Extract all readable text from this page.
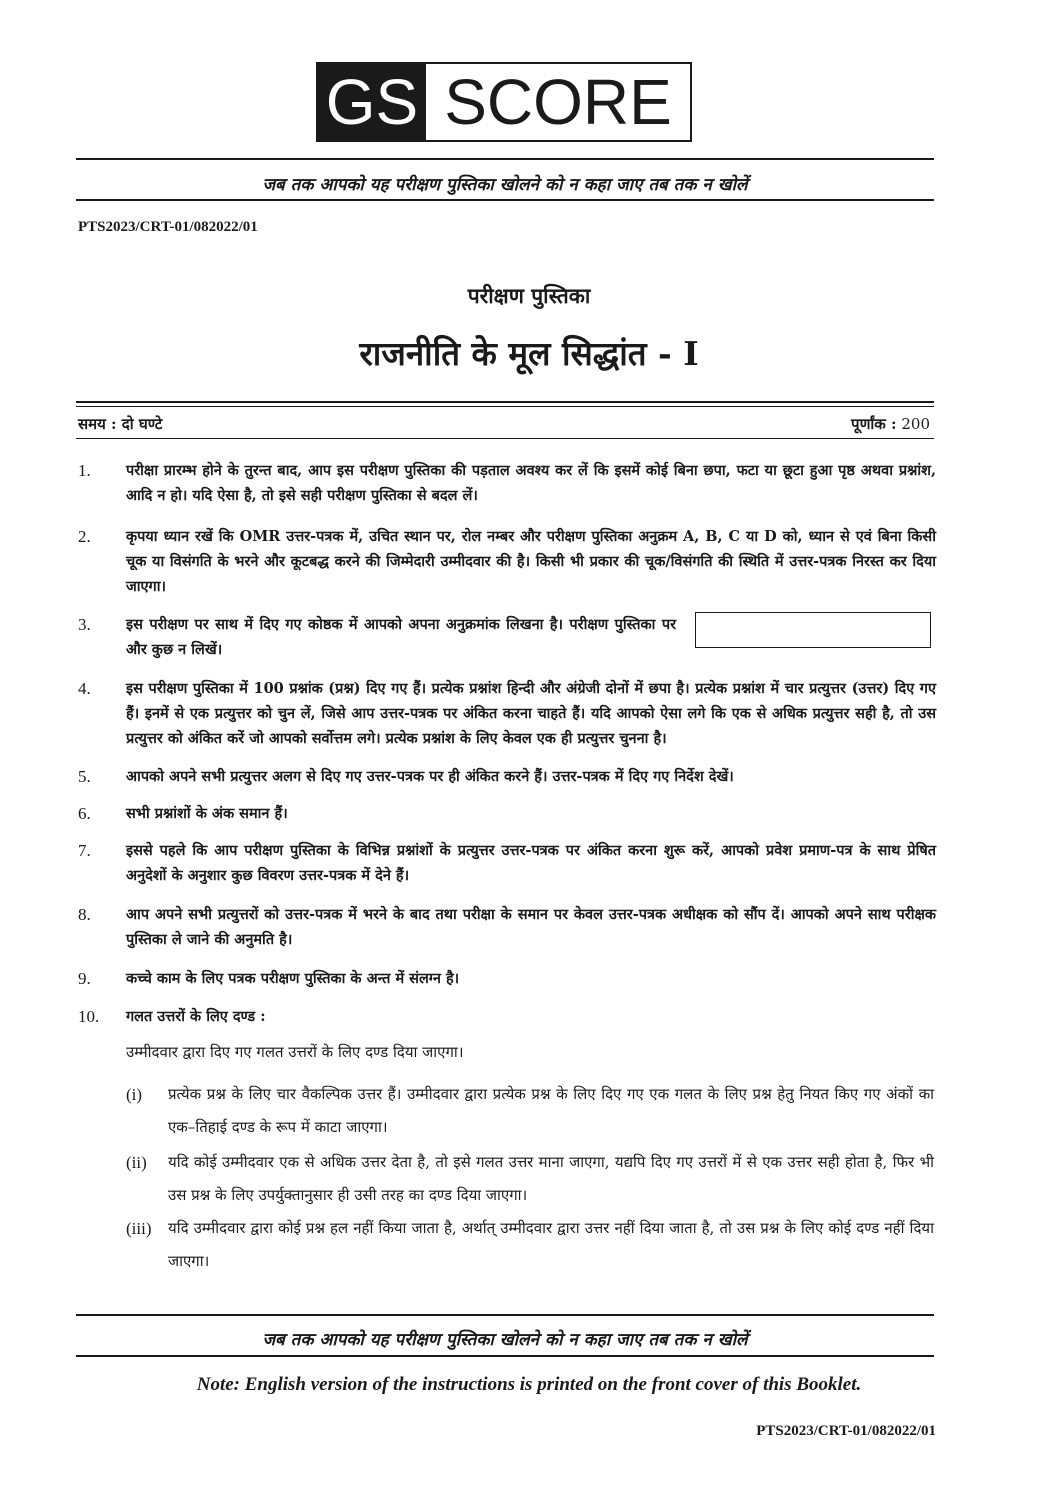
GS SCORE
जब तक आपको यह परीक्षण पुस्तिका खोलने को न कहा जाए तब तक न खोलें
PTS2023/CRT-01/082022/01
परीक्षण पुस्तिका
राजनीति के मूल सिद्धांत - I
समय : दो घण्टे	पूर्णांक : 200
1. परीक्षा प्रारम्भ होने के तुरन्त बाद, आप इस परीक्षण पुस्तिका की पड़ताल अवश्य कर लें कि इसमें कोई बिना छपा, फटा या छूटा हुआ पृष्ठ अथवा प्रश्नांश, आदि न हो। यदि ऐसा है, तो इसे सही परीक्षण पुस्तिका से बदल लें।
2. कृपया ध्यान रखें कि OMR उत्तर-पत्रक में, उचित स्थान पर, रोल नम्बर और परीक्षण पुस्तिका अनुक्रम A, B, C या D को, ध्यान से एवं बिना किसी चूक या विसंगति के भरने और कूटबद्ध करने की जिम्मेदारी उम्मीदवार की है। किसी भी प्रकार की चूक/विसंगति की स्थिति में उत्तर-पत्रक निरस्त कर दिया जाएगा।
3. इस परीक्षण पर साथ में दिए गए कोष्ठक में आपको अपना अनुक्रमांक लिखना है। परीक्षण पुस्तिका पर और कुछ न लिखें।
4. इस परीक्षण पुस्तिका में 100 प्रश्नांक (प्रश्न) दिए गए हैं। प्रत्येक प्रश्नांश हिन्दी और अंग्रेजी दोनों में छपा है। प्रत्येक प्रश्नांश में चार प्रत्युत्तर (उत्तर) दिए गए हैं। इनमें से एक प्रत्युत्तर को चुन लें, जिसे आप उत्तर-पत्रक पर अंकित करना चाहते हैं। यदि आपको ऐसा लगे कि एक से अधिक प्रत्युत्तर सही है, तो उस प्रत्युत्तर को अंकित करें जो आपको सर्वोत्तम लगे। प्रत्येक प्रश्नांश के लिए केवल एक ही प्रत्युत्तर चुनना है।
5. आपको अपने सभी प्रत्युत्तर अलग से दिए गए उत्तर-पत्रक पर ही अंकित करने हैं। उत्तर-पत्रक में दिए गए निर्देश देखें।
6. सभी प्रश्नांशों के अंक समान हैं।
7. इससे पहले कि आप परीक्षण पुस्तिका के विभिन्न प्रश्नांशों के प्रत्युत्तर उत्तर-पत्रक पर अंकित करना शुरू करें, आपको प्रवेश प्रमाण-पत्र के साथ प्रेषित अनुदेशों के अनुशार कुछ विवरण उत्तर-पत्रक में देने हैं।
8. आप अपने सभी प्रत्युत्तरों को उत्तर-पत्रक में भरने के बाद तथा परीक्षा के समान पर केवल उत्तर-पत्रक अधीक्षक को सौंप दें। आपको अपने साथ परीक्षक पुस्तिका ले जाने की अनुमति है।
9. कच्चे काम के लिए पत्रक परीक्षण पुस्तिका के अन्त में संलग्न है।
10. गलत उत्तरों के लिए दण्ड :
उम्मीदवार द्वारा दिए गए गलत उत्तरों के लिए दण्ड दिया जाएगा।
(i) प्रत्येक प्रश्न के लिए चार वैकल्पिक उत्तर हैं। उम्मीदवार द्वारा प्रत्येक प्रश्न के लिए दिए गए एक गलत के लिए प्रश्न हेतु नियत किए गए अंकों का एक–तिहाई दण्ड के रूप में काटा जाएगा।
(ii) यदि कोई उम्मीदवार एक से अधिक उत्तर देता है, तो इसे गलत उत्तर माना जाएगा, यद्यपि दिए गए उत्तरों में से एक उत्तर सही होता है, फिर भी उस प्रश्न के लिए उपर्युक्तानुसार ही उसी तरह का दण्ड दिया जाएगा।
(iii) यदि उम्मीदवार द्वारा कोई प्रश्न हल नहीं किया जाता है, अर्थात् उम्मीदवार द्वारा उत्तर नहीं दिया जाता है, तो उस प्रश्न के लिए कोई दण्ड नहीं दिया जाएगा।
जब तक आपको यह परीक्षण पुस्तिका खोलने को न कहा जाए तब तक न खोलें
Note: English version of the instructions is printed on the front cover of this Booklet.
PTS2023/CRT-01/082022/01
